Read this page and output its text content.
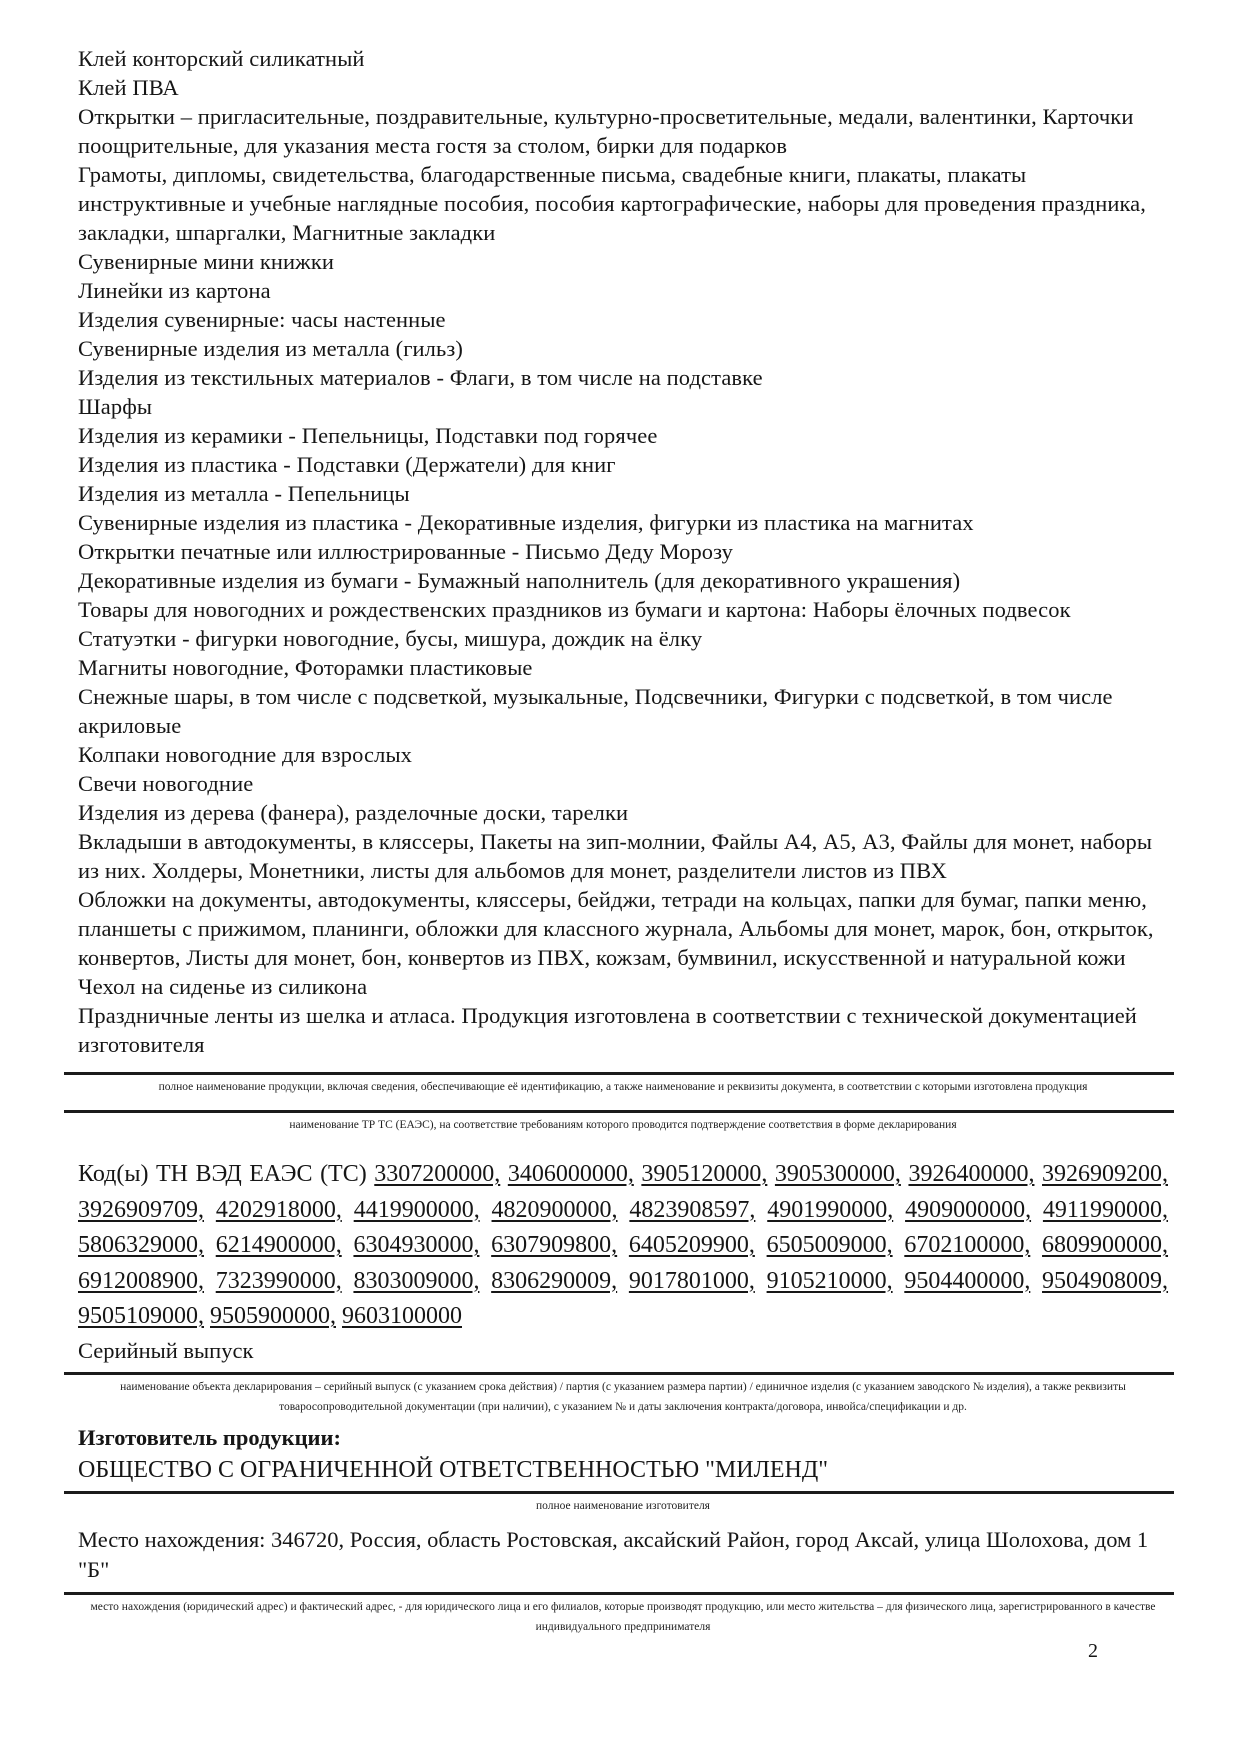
Клей конторский силикатный

Клей ПВА

Открытки – пригласительные, поздравительные, культурно-просветительные, медали, валентинки, Карточки поощрительные, для указания места гостя за столом, бирки для подарков

Грамоты, дипломы, свидетельства, благодарственные письма, свадебные книги, плакаты, плакаты инструктивные и учебные наглядные пособия, пособия картографические, наборы для проведения праздника, закладки, шпаргалки, Магнитные закладки

Сувенирные мини книжки

Линейки из картона

Изделия сувенирные: часы настенные

Сувенирные изделия из металла (гильз)

Изделия из текстильных материалов - Флаги, в том числе на подставке

Шарфы

Изделия из керамики - Пепельницы, Подставки под горячее

Изделия из пластика - Подставки (Держатели) для книг

Изделия из металла - Пепельницы

Сувенирные изделия из пластика - Декоративные изделия, фигурки из пластика на магнитах

Открытки печатные или иллюстрированные - Письмо Деду Морозу

Декоративные изделия из бумаги - Бумажный наполнитель (для декоративного украшения)

Товары для новогодних и рождественских праздников из бумаги и картона: Наборы ёлочных подвесок

Статуэтки - фигурки новогодние, бусы, мишура, дождик на ёлку

Магниты новогодние, Фоторамки пластиковые

Снежные шары, в том числе с подсветкой, музыкальные, Подсвечники, Фигурки с подсветкой, в том числе акриловые

Колпаки новогодние для взрослых

Свечи новогодние

Изделия из дерева (фанера), разделочные доски, тарелки

Вкладыши в автодокументы, в кляссеры, Пакеты на зип-молнии, Файлы А4, А5, А3, Файлы для монет, наборы из них. Холдеры, Монетники, листы для альбомов для монет, разделители листов из ПВХ

Обложки на документы, автодокументы, кляссеры, бейджи, тетради на кольцах, папки для бумаг, папки меню, планшеты с прижимом, планинги, обложки для классного журнала, Альбомы для монет, марок, бон, открыток, конвертов, Листы для монет, бон, конвертов из ПВХ, кожзам, бумвинил, искусственной и натуральной кожи

Чехол на сиденье из силикона

Праздничные ленты из шелка и атласа. Продукция изготовлена в соответствии с технической документацией изготовителя

полное наименование продукции, включая сведения, обеспечивающие её идентификацию, а также наименование и реквизиты документа, в соответствии с которыми изготовлена продукция
наименование ТР ТС (ЕАЭС), на соответствие требованиям которого проводится подтверждение соответствия в форме декларирования

Код(ы) ТН ВЭД ЕАЭС (ТС) 3307200000, 3406000000, 3905120000, 3905300000, 3926400000, 3926909200, 3926909709, 4202918000, 4419900000, 4820900000, 4823908597, 4901990000, 4909000000, 4911990000, 5806329000, 6214900000, 6304930000, 6307909800, 6405209900, 6505009000, 6702100000, 6809900000, 6912008900, 7323990000, 8303009000, 8306290009, 9017801000, 9105210000, 9504400000, 9504908009, 9505109000, 9505900000, 9603100000

Серийный выпуск

наименование объекта декларирования – серийный выпуск (с указанием срока действия) / партия (с указанием размера партии) / единичное изделия (с указанием заводского № изделия), а также реквизиты товаросопроводительной документации (при наличии), с указанием № и даты заключения контракта/договора, инвойса/спецификации и др.

Изготовитель продукции:

ОБЩЕСТВО С ОГРАНИЧЕННОЙ ОТВЕТСТВЕННОСТЬЮ "МИЛЕНД"

полное наименование изготовителя

Место нахождения: 346720, Россия, область Ростовская, аксайский Район, город Аксай, улица Шолохова, дом 1 "Б"

место нахождения (юридический адрес) и фактический адрес, - для юридического лица и его филиалов, которые производят продукцию, или место жительства – для физического лица, зарегистрированного в качестве индивидуального предпринимателя
2
